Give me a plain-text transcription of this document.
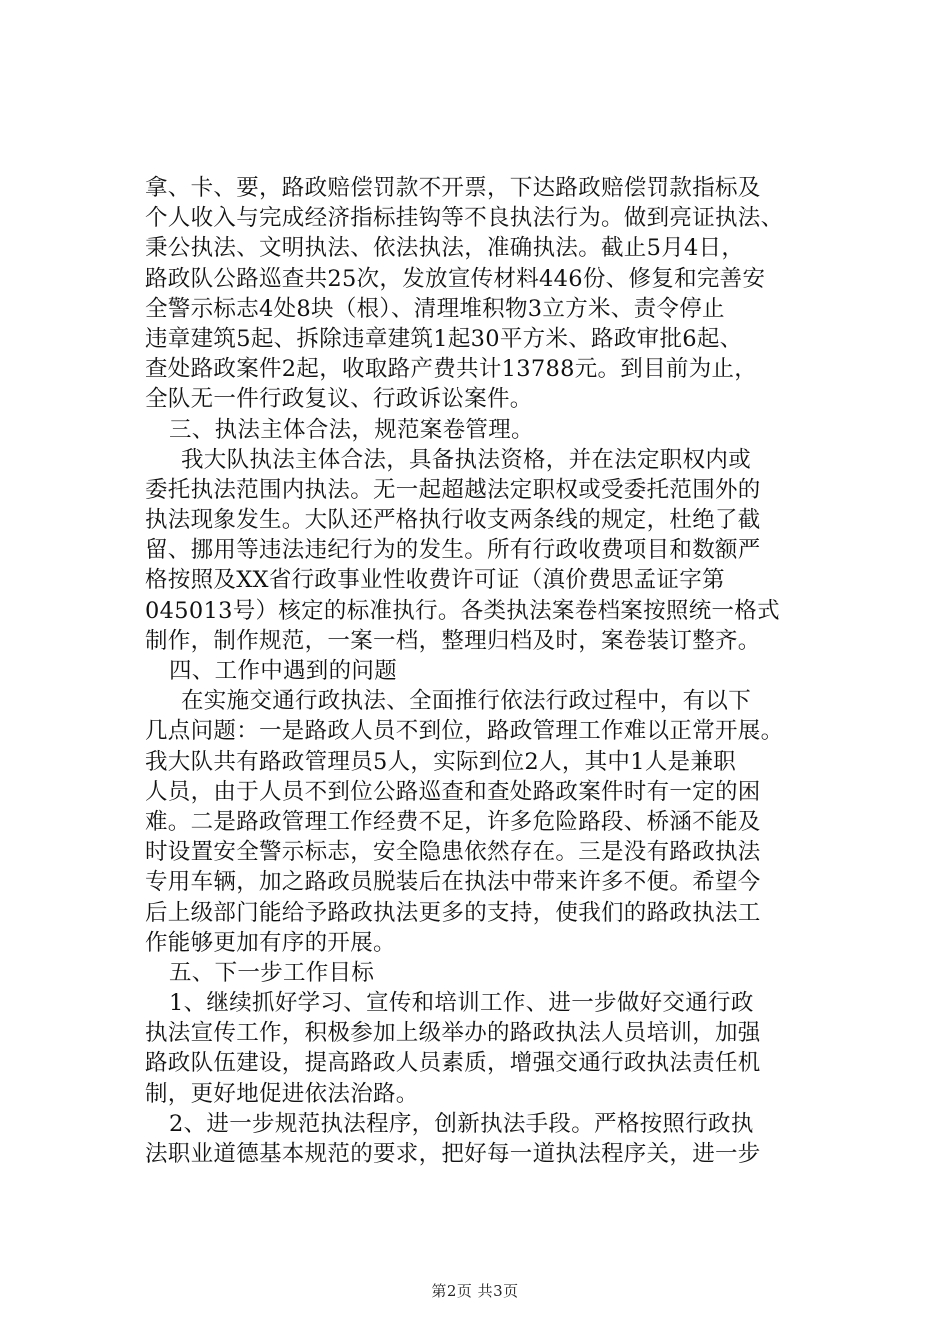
拿、卡、要，路政赔偿罚款不开票，下达路政赔偿罚款指标及
个人收入与完成经济指标挂钩等不良执法行为。做到亮证执法、
秉公执法、文明执法、依法执法，准确执法。截止5月4日，
路政队公路巡查共25次，发放宣传材料446份、修复和完善安
全警示标志4处8块（根）、清理堆积物3立方米、责令停止
违章建筑5起、拆除违章建筑1起30平方米、路政审批6起、
查处路政案件2起，收取路产费共计13788元。到目前为止，
全队无一件行政复议、行政诉讼案件。
三、执法主体合法，规范案卷管理。
我大队执法主体合法，具备执法资格，并在法定职权内或
委托执法范围内执法。无一起超越法定职权或受委托范围外的
执法现象发生。大队还严格执行收支两条线的规定，杜绝了截
留、挪用等违法违纪行为的发生。所有行政收费项目和数额严
格按照及XX省行政事业性收费许可证（滇价费思孟证字第
045013号）核定的标准执行。各类执法案卷档案按照统一格式
制作，制作规范，一案一档，整理归档及时，案卷装订整齐。
四、工作中遇到的问题
在实施交通行政执法、全面推行依法行政过程中，有以下
几点问题：一是路政人员不到位，路政管理工作难以正常开展。
我大队共有路政管理员5人，实际到位2人，其中1人是兼职
人员，由于人员不到位公路巡查和查处路政案件时有一定的困
难。二是路政管理工作经费不足，许多危险路段、桥涵不能及
时设置安全警示标志，安全隐患依然存在。三是没有路政执法
专用车辆，加之路政员脱装后在执法中带来许多不便。希望今
后上级部门能给予路政执法更多的支持，使我们的路政执法工
作能够更加有序的开展。
五、下一步工作目标
1、继续抓好学习、宣传和培训工作、进一步做好交通行政
执法宣传工作，积极参加上级举办的路政执法人员培训，加强
路政队伍建设，提高路政人员素质，增强交通行政执法责任机
制，更好地促进依法治路。
2、进一步规范执法程序，创新执法手段。严格按照行政执
法职业道德基本规范的要求，把好每一道执法程序关，进一步
第2页 共3页
